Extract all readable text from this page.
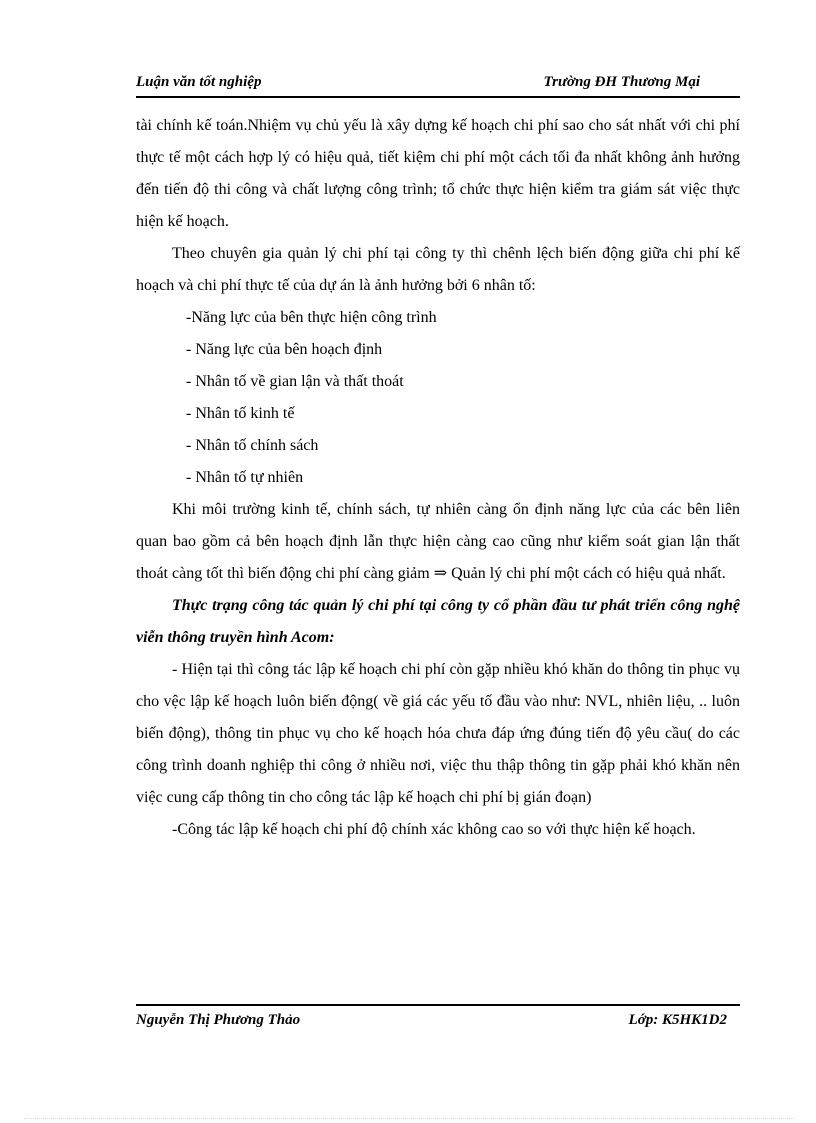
Luận văn tốt nghiệp	Trường ĐH Thương Mại

tài chính kế toán.Nhiệm vụ chủ yếu là xây dựng kế hoạch chi phí sao cho sát nhất với chi phí thực tế một cách hợp lý có hiệu quả, tiết kiệm chi phí một cách tối đa nhất không ảnh hưởng đến tiến độ thi công và chất lượng công trình; tổ chức thực hiện kiểm tra giám sát việc thực hiện kế hoạch.

Theo chuyên gia quản lý chi phí tại công ty thì chênh lệch biến động giữa chi phí kế hoạch và chi phí thực tế của dự án là ảnh hưởng bởi 6 nhân tố:

-Năng lực của bên thực hiện công trình

- Năng lực của bên hoạch định

- Nhân tố về gian lận và thất thoát

- Nhân tố kinh tế

- Nhân tố chính sách

- Nhân tố tự nhiên

Khi môi trường kinh tế, chính sách, tự nhiên càng ổn định năng lực của các bên liên quan bao gồm cả bên hoạch định lẫn thực hiện càng cao cũng như kiểm soát gian lận thất thoát càng tốt thì biến động chi phí càng giảm ⇒ Quản lý chi phí một cách có hiệu quả nhất.

Thực trạng công tác quản lý chi phí tại công ty cổ phần đầu tư phát triển công nghệ viễn thông truyền hình Acom:

- Hiện tại thì công tác lập kế hoạch chi phí còn gặp nhiều khó khăn do thông tin phục vụ cho vệc lập kế hoạch luôn biến động( về giá các yếu tố đầu vào như: NVL, nhiên liệu, .. luôn biến động), thông tin phục vụ cho kế hoạch hóa chưa đáp ứng đúng tiến độ yêu cầu( do các công trình doanh nghiệp thi công ở nhiều nơi, việc thu thập thông tin gặp phải khó khăn nên việc cung cấp thông tin cho công tác lập kế hoạch chi phí bị gián đoạn)

-Công tác lập kế hoạch chi phí độ chính xác không cao so với thực hiện kế hoạch.

Nguyễn Thị Phương Thảo	Lớp: K5HK1D2
